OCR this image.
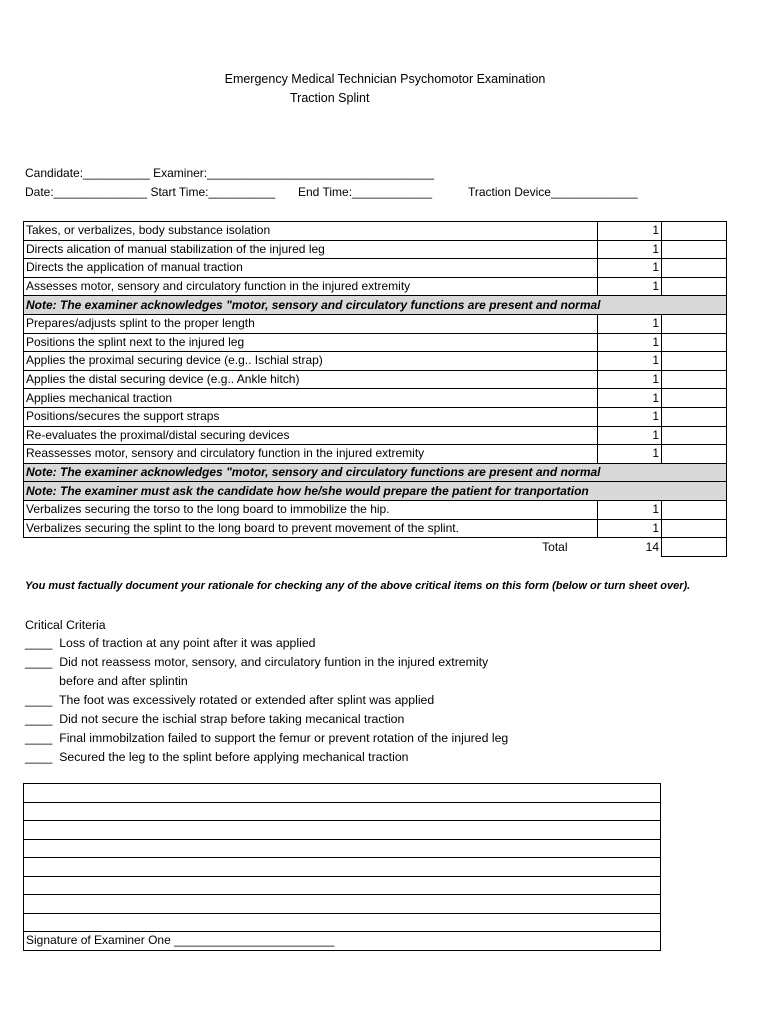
Emergency Medical Technician Psychomotor Examination
Traction Splint
Candidate:__________ Examiner:__________________________________
Date:______________ Start Time:__________ End Time:____________	Traction Device_____________
Takes, or verbalizes, body substance isolation	1	
Directs alication of manual stabilization of the injured leg	1	
Directs the application of manual traction	1	
Assesses motor, sensory and circulatory function in the injured extremity	1	
Note: The examiner acknowledges "motor, sensory and circulatory functions are present and normal		
Prepares/adjusts splint to the proper length	1	
Positions the splint next to the injured leg	1	
Applies the proximal securing device (e.g.. Ischial strap)	1	
Applies the distal securing device (e.g.. Ankle hitch)	1	
Applies mechanical traction	1	
Positions/secures the support straps	1	
Re-evaluates the proximal/distal securing devices	1	
Reassesses motor, sensory and circulatory function in the injured extremity	1	
Note: The examiner acknowledges "motor, sensory and circulatory functions are present and normal		
Note: The examiner must ask the candidate how he/she would prepare the patient for tranportation		
Verbalizes securing the torso to the long board to immobilize the hip.	1	
Verbalizes securing the splint to the long board to prevent movement of the splint.	1	
Total	14	
You must factually document your rationale for checking any of the above critical items on this form (below or turn sheet over).
Critical Criteria
____  Loss of traction at any point after it was applied
____  Did not reassess motor, sensory, and circulatory funtion in the injured extremity
before and after splintin
____  The foot was excessively rotated or extended after splint was applied
____  Did not secure the ischial strap before taking mecanical traction
____  Final immobilzation failed to support the femur or prevent rotation of the injured leg
____  Secured the leg to the splint before applying mechanical traction

Signature of Examiner One ________________________
